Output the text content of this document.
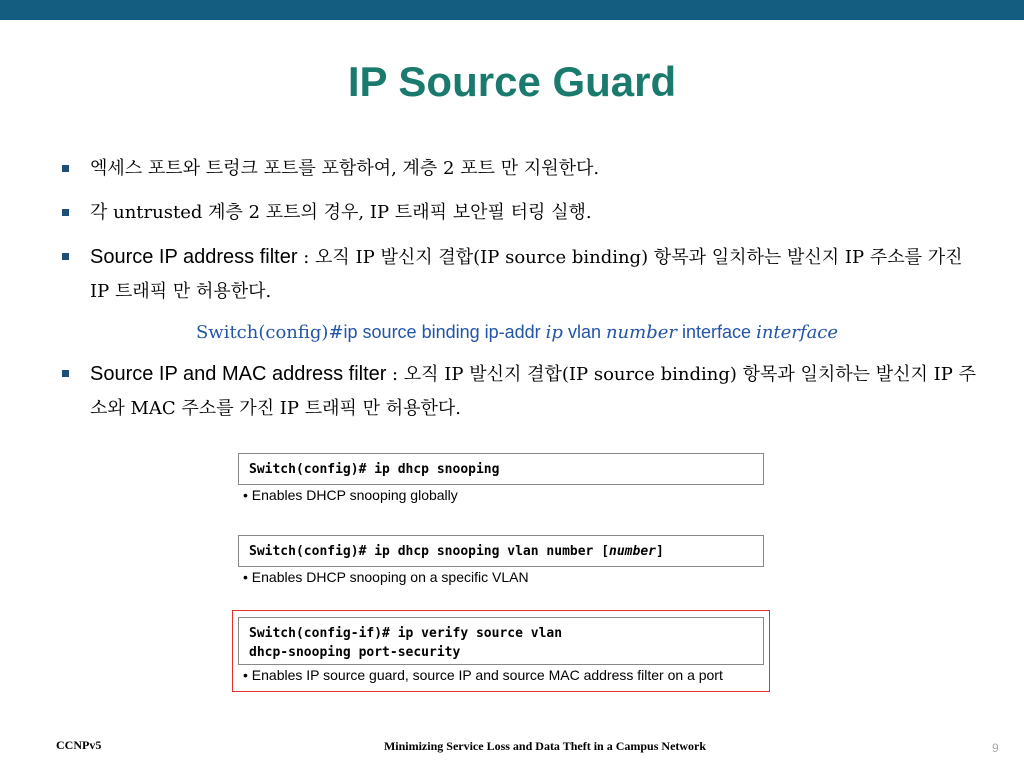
IP Source Guard
엑세스 포트와 트렁크 포트를 포함하여, 계층 2 포트 만 지원한다.
각 untrusted 계층 2 포트의 경우, IP 트래픽 보안필 터링 실행.
Source IP address filter : 오직 IP 발신지 결합(IP source binding) 항목과 일치하는 발신지 IP 주소를 가진 IP 트래픽 만 허용한다.
Source IP and MAC address filter : 오직 IP 발신지 결합(IP source binding) 항목과 일치하는 발신지 IP 주소와 MAC 주소를 가진 IP 트래픽 만 허용한다.
Switch(config)#ip source binding ip-addr ip vlan number interface interface
Switch(config)# ip dhcp snooping
• Enables DHCP snooping globally
Switch(config)# ip dhcp snooping vlan number [number]
• Enables DHCP snooping on a specific VLAN
Switch(config-if)# ip verify source vlan
dhcp-snooping port-security
• Enables IP source guard, source IP and source MAC address filter on a port
CCNPv5	Minimizing Service Loss and Data Theft in a Campus Network	9
